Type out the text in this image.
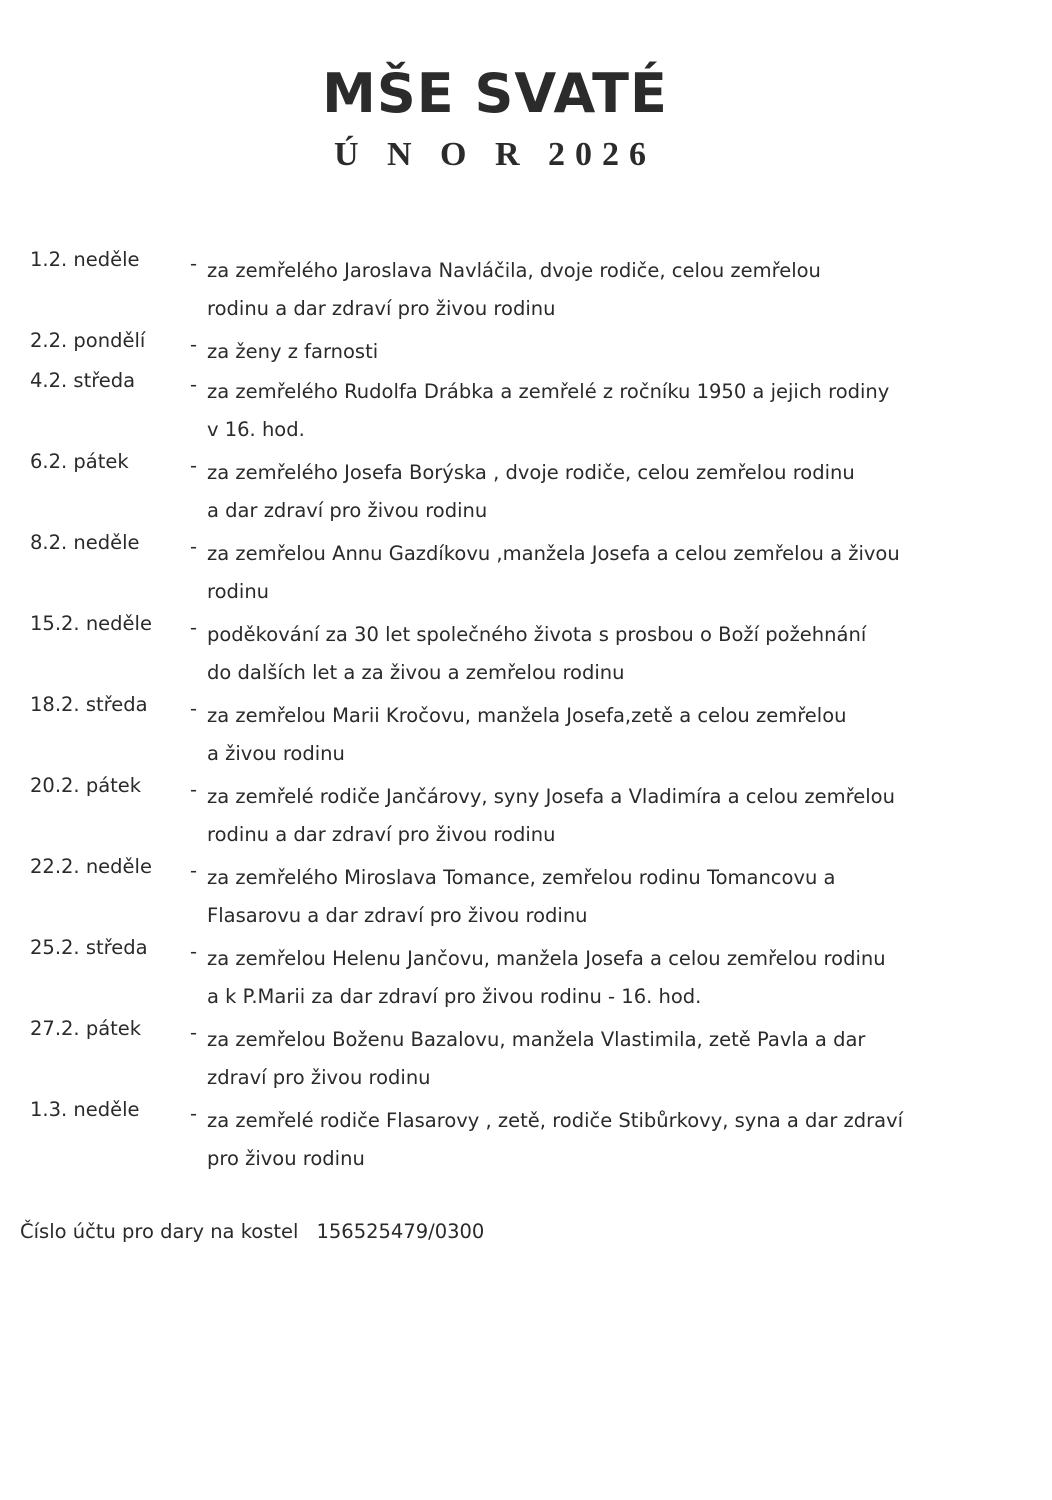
MŠE SVATÉ
Ú N O R 2026
1.2. neděle	- za zemřelého Jaroslava Navláčila, dvoje rodiče, celou zemřelou
rodinu a dar zdraví pro živou rodinu
2.2. pondělí	- za ženy z farnosti
4.2. středa	- za zemřelého Rudolfa Drábka a zemřelé z ročníku 1950 a jejich rodiny
v 16. hod.
6.2. pátek	- za zemřelého Josefa Borýska , dvoje rodiče, celou zemřelou rodinu
a dar zdraví pro živou rodinu
8.2. neděle	- za zemřelou Annu Gazdíkovu ,manžela Josefa a celou zemřelou a živou
rodinu
15.2. neděle	- poděkování za 30 let společného života s prosbou o Boží požehnání
do dalších let a za živou a zemřelou rodinu
18.2. středa	- za zemřelou Marii Kročovu, manžela Josefa,zetě a celou zemřelou
a živou rodinu
20.2. pátek	- za zemřelé rodiče Jančárovy, syny Josefa a Vladimíra a celou zemřelou
rodinu a dar zdraví pro živou rodinu
22.2. neděle	- za zemřelého Miroslava Tomance, zemřelou rodinu Tomancovu a
Flasarovu a dar zdraví pro živou rodinu
25.2. středa	- za zemřelou Helenu Jančovu, manžela Josefa a celou zemřelou rodinu
a k P.Marii za dar zdraví pro živou rodinu - 16. hod.
27.2. pátek	- za zemřelou Boženu Bazalovu, manžela Vlastimila, zetě Pavla a dar
zdraví pro živou rodinu
1.3. neděle	- za zemřelé rodiče Flasarovy , zetě, rodiče Stibůrkovy, syna a dar zdraví
pro živou rodinu
Číslo účtu pro dary na kostel 156525479/0300
